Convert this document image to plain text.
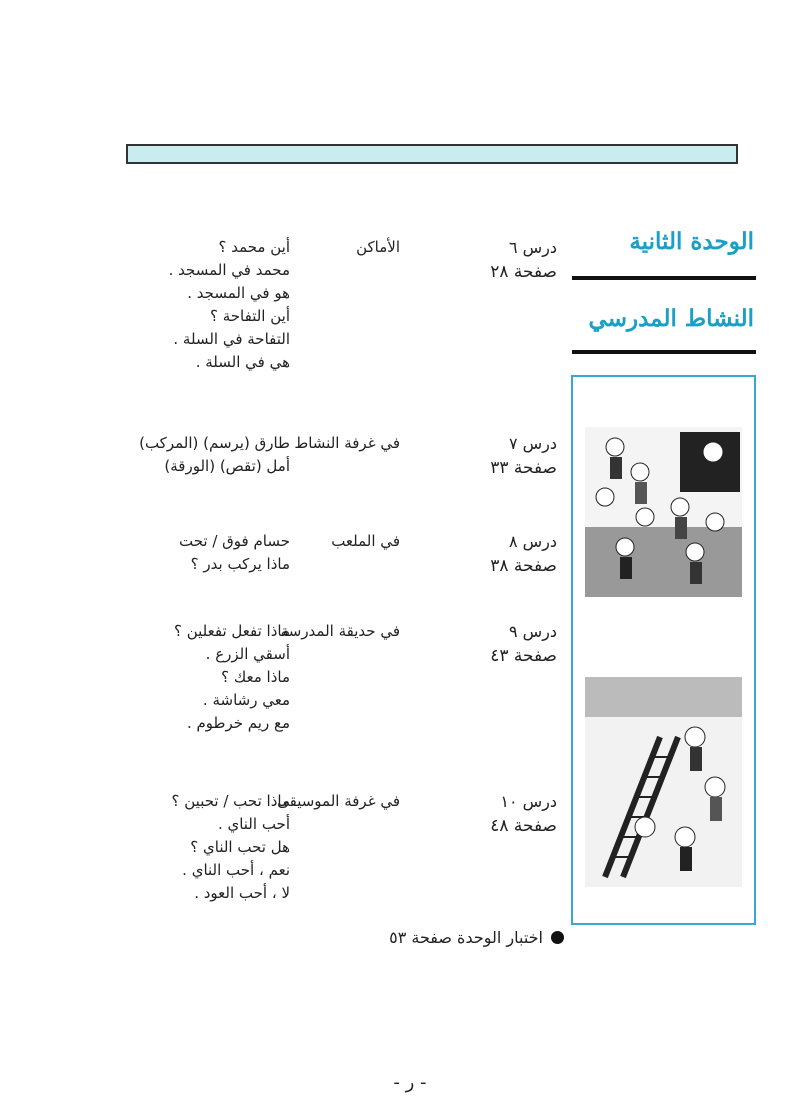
الوحدة الثانية
النشاط المدرسي
درس ٦
صفحة ٢٨
الأماكن
أين محمد ؟
محمد في المسجد .
هو في المسجد .
أين التفاحة ؟
التفاحة في السلة .
هي في السلة .
درس ٧
صفحة ٣٣
في غرفة النشاط
طارق (يرسم) (المركب)
أمل (تقص) (الورقة)
درس ٨
صفحة ٣٨
في الملعب
حسام فوق / تحت
ماذا يركب بدر ؟
درس ٩
صفحة ٤٣
في حديقة المدرسة
ماذا تفعل تفعلين ؟
أسقي الزرع .
ماذا معك ؟
معي رشاشة .
مع ريم خرطوم .
درس ١٠
صفحة ٤٨
في غرفة الموسيقى
ماذا تحب / تحبين ؟
أحب الناي .
هل تحب الناي ؟
نعم ، أحب الناي .
لا ، أحب العود .
اختبار الوحدة صفحة ٥٣
- ر -
